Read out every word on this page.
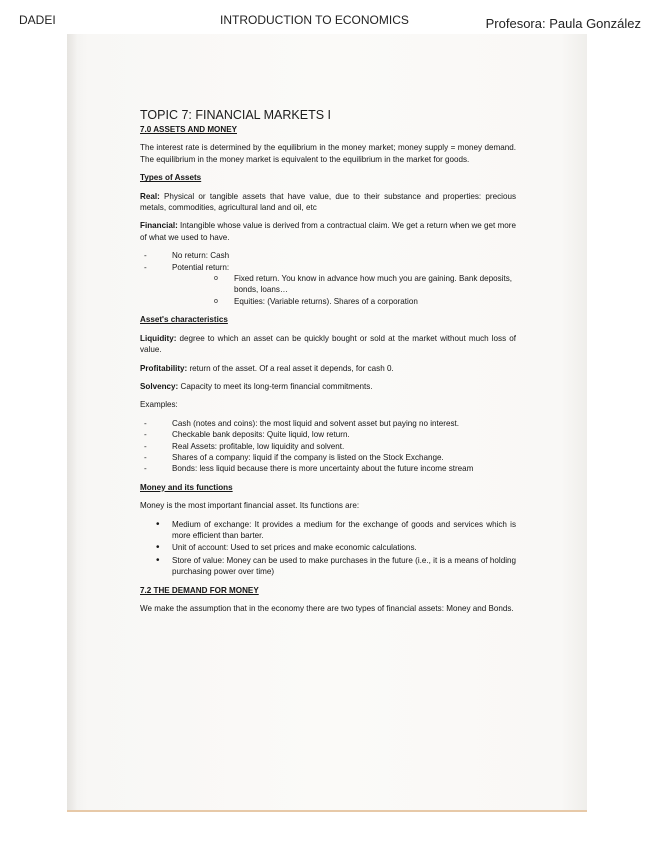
DADEI	INTRODUCTION TO ECONOMICS	Profesora: Paula González
TOPIC 7: FINANCIAL MARKETS I
7.0 ASSETS AND MONEY

The interest rate is determined by the equilibrium in the money market; money supply = money demand. The equilibrium in the money market is equivalent to the equilibrium in the market for goods.

Types of Assets

Real: Physical or tangible assets that have value, due to their substance and properties: precious metals, commodities, agricultural land and oil, etc

Financial: Intangible whose value is derived from a contractual claim. We get a return when we get more of what we used to have.

- No return: Cash
- Potential return:
o Fixed return. You know in advance how much you are gaining. Bank deposits, bonds, loans…
o Equities: (Variable returns). Shares of a corporation
Asset's characteristics

Liquidity: degree to which an asset can be quickly bought or sold at the market without much loss of value.

Profitability: return of the asset. Of a real asset it depends, for cash 0.

Solvency: Capacity to meet its long-term financial commitments.

Examples:

- Cash (notes and coins): the most liquid and solvent asset but paying no interest.
- Checkable bank deposits: Quite liquid, low return.
- Real Assets: profitable, low liquidity and solvent.
- Shares of a company: liquid if the company is listed on the Stock Exchange.
- Bonds: less liquid because there is more uncertainty about the future income stream
Money and its functions

Money is the most important financial asset. Its functions are:

• Medium of exchange: It provides a medium for the exchange of goods and services which is more efficient than barter.
• Unit of account: Used to set prices and make economic calculations.
• Store of value: Money can be used to make purchases in the future (i.e., it is a means of holding purchasing power over time)
7.2 THE DEMAND FOR MONEY

We make the assumption that in the economy there are two types of financial assets: Money and Bonds.
